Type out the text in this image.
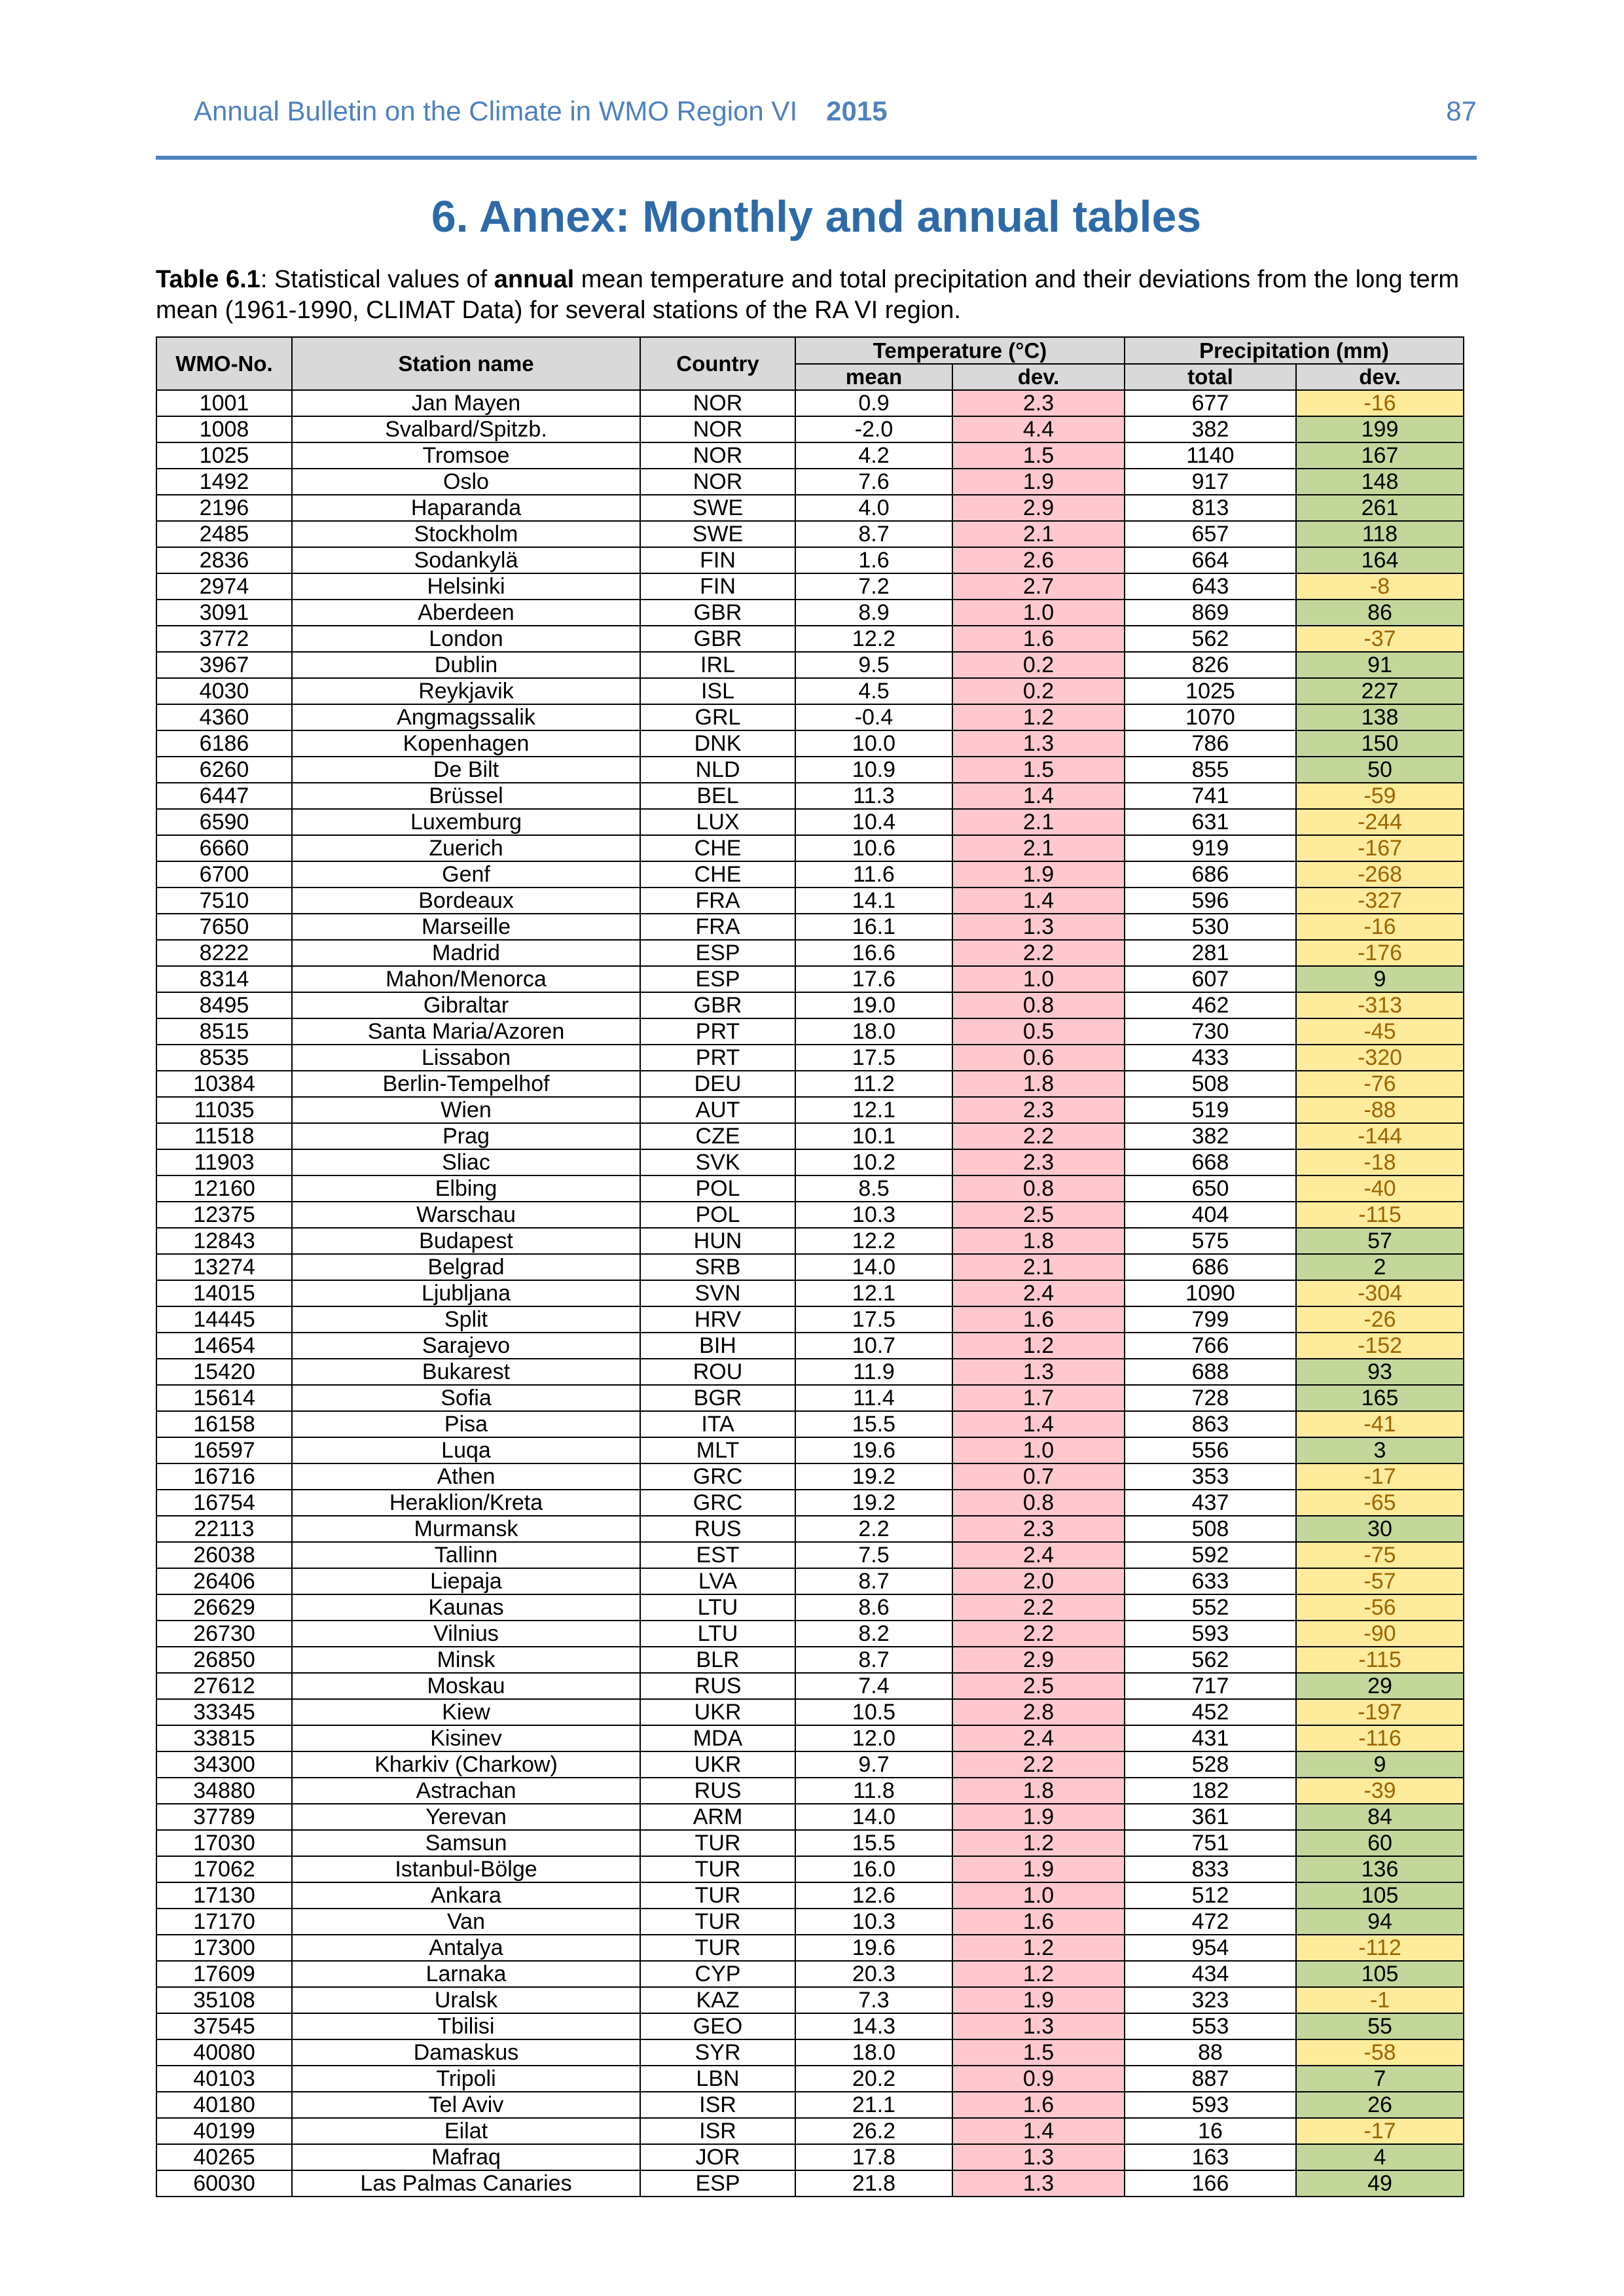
Annual Bulletin on the Climate in WMO Region VI 2015	87
6. Annex: Monthly and annual tables
Table 6.1: Statistical values of annual mean temperature and total precipitation and their deviations from the long term mean (1961-1990, CLIMAT Data) for several stations of the RA VI region.
WMO-No.	Station name	Country	Temperature (°C)		Precipitation (mm)	
			mean	dev.	total	dev.
1001	Jan Mayen	NOR	0.9	2.3	677	-16
1008	Svalbard/Spitzb.	NOR	-2.0	4.4	382	199
1025	Tromsoe	NOR	4.2	1.5	1140	167
1492	Oslo	NOR	7.6	1.9	917	148
2196	Haparanda	SWE	4.0	2.9	813	261
2485	Stockholm	SWE	8.7	2.1	657	118
2836	Sodankylä	FIN	1.6	2.6	664	164
2974	Helsinki	FIN	7.2	2.7	643	-8
3091	Aberdeen	GBR	8.9	1.0	869	86
3772	London	GBR	12.2	1.6	562	-37
3967	Dublin	IRL	9.5	0.2	826	91
4030	Reykjavik	ISL	4.5	0.2	1025	227
4360	Angmagssalik	GRL	-0.4	1.2	1070	138
6186	Kopenhagen	DNK	10.0	1.3	786	150
6260	De Bilt	NLD	10.9	1.5	855	50
6447	Brüssel	BEL	11.3	1.4	741	-59
6590	Luxemburg	LUX	10.4	2.1	631	-244
6660	Zuerich	CHE	10.6	2.1	919	-167
6700	Genf	CHE	11.6	1.9	686	-268
7510	Bordeaux	FRA	14.1	1.4	596	-327
7650	Marseille	FRA	16.1	1.3	530	-16
8222	Madrid	ESP	16.6	2.2	281	-176
8314	Mahon/Menorca	ESP	17.6	1.0	607	9
8495	Gibraltar	GBR	19.0	0.8	462	-313
8515	Santa Maria/Azoren	PRT	18.0	0.5	730	-45
8535	Lissabon	PRT	17.5	0.6	433	-320
10384	Berlin-Tempelhof	DEU	11.2	1.8	508	-76
11035	Wien	AUT	12.1	2.3	519	-88
11518	Prag	CZE	10.1	2.2	382	-144
11903	Sliac	SVK	10.2	2.3	668	-18
12160	Elbing	POL	8.5	0.8	650	-40
12375	Warschau	POL	10.3	2.5	404	-115
12843	Budapest	HUN	12.2	1.8	575	57
13274	Belgrad	SRB	14.0	2.1	686	2
14015	Ljubljana	SVN	12.1	2.4	1090	-304
14445	Split	HRV	17.5	1.6	799	-26
14654	Sarajevo	BIH	10.7	1.2	766	-152
15420	Bukarest	ROU	11.9	1.3	688	93
15614	Sofia	BGR	11.4	1.7	728	165
16158	Pisa	ITA	15.5	1.4	863	-41
16597	Luqa	MLT	19.6	1.0	556	3
16716	Athen	GRC	19.2	0.7	353	-17
16754	Heraklion/Kreta	GRC	19.2	0.8	437	-65
22113	Murmansk	RUS	2.2	2.3	508	30
26038	Tallinn	EST	7.5	2.4	592	-75
26406	Liepaja	LVA	8.7	2.0	633	-57
26629	Kaunas	LTU	8.6	2.2	552	-56
26730	Vilnius	LTU	8.2	2.2	593	-90
26850	Minsk	BLR	8.7	2.9	562	-115
27612	Moskau	RUS	7.4	2.5	717	29
33345	Kiew	UKR	10.5	2.8	452	-197
33815	Kisinev	MDA	12.0	2.4	431	-116
34300	Kharkiv (Charkow)	UKR	9.7	2.2	528	9
34880	Astrachan	RUS	11.8	1.8	182	-39
37789	Yerevan	ARM	14.0	1.9	361	84
17030	Samsun	TUR	15.5	1.2	751	60
17062	Istanbul-Bölge	TUR	16.0	1.9	833	136
17130	Ankara	TUR	12.6	1.0	512	105
17170	Van	TUR	10.3	1.6	472	94
17300	Antalya	TUR	19.6	1.2	954	-112
17609	Larnaka	CYP	20.3	1.2	434	105
35108	Uralsk	KAZ	7.3	1.9	323	-1
37545	Tbilisi	GEO	14.3	1.3	553	55
40080	Damaskus	SYR	18.0	1.5	88	-58
40103	Tripoli	LBN	20.2	0.9	887	7
40180	Tel Aviv	ISR	21.1	1.6	593	26
40199	Eilat	ISR	26.2	1.4	16	-17
40265	Mafraq	JOR	17.8	1.3	163	4
60030	Las Palmas Canaries	ESP	21.8	1.3	166	49
